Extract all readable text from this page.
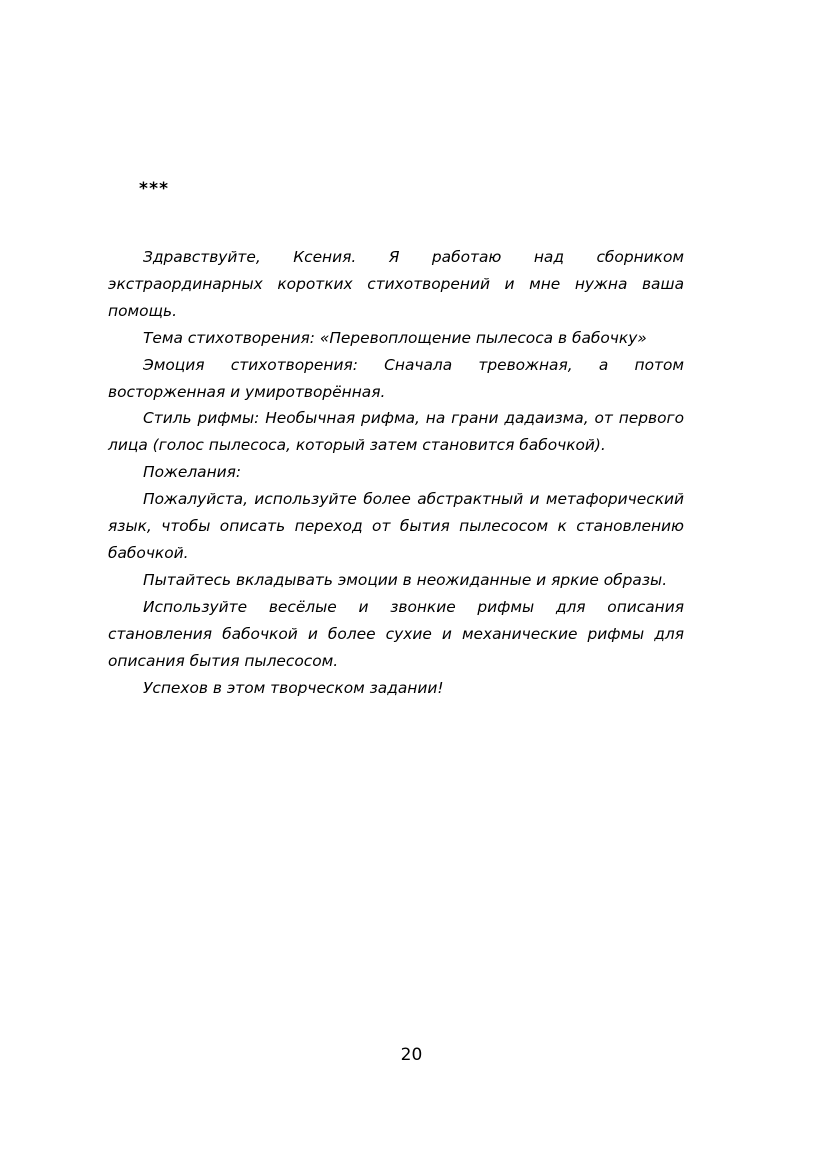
***

Здравствуйте, Ксения. Я работаю над сборником экстраординарных коротких стихотворений и мне нужна ваша помощь.

Тема стихотворения: «Перевоплощение пылесоса в бабочку»

Эмоция стихотворения: Сначала тревожная, а потом восторженная и умиротворённая.

Стиль рифмы: Необычная рифма, на грани дадаизма, от первого лица (голос пылесоса, который затем становится бабочкой).

Пожелания:

Пожалуйста, используйте более абстрактный и метафорический язык, чтобы описать переход от бытия пылесосом к становлению бабочкой.

Пытайтесь вкладывать эмоции в неожиданные и яркие образы.

Используйте весёлые и звонкие рифмы для описания становления бабочкой и более сухие и механические рифмы для описания бытия пылесосом.

Успехов в этом творческом задании!

20
